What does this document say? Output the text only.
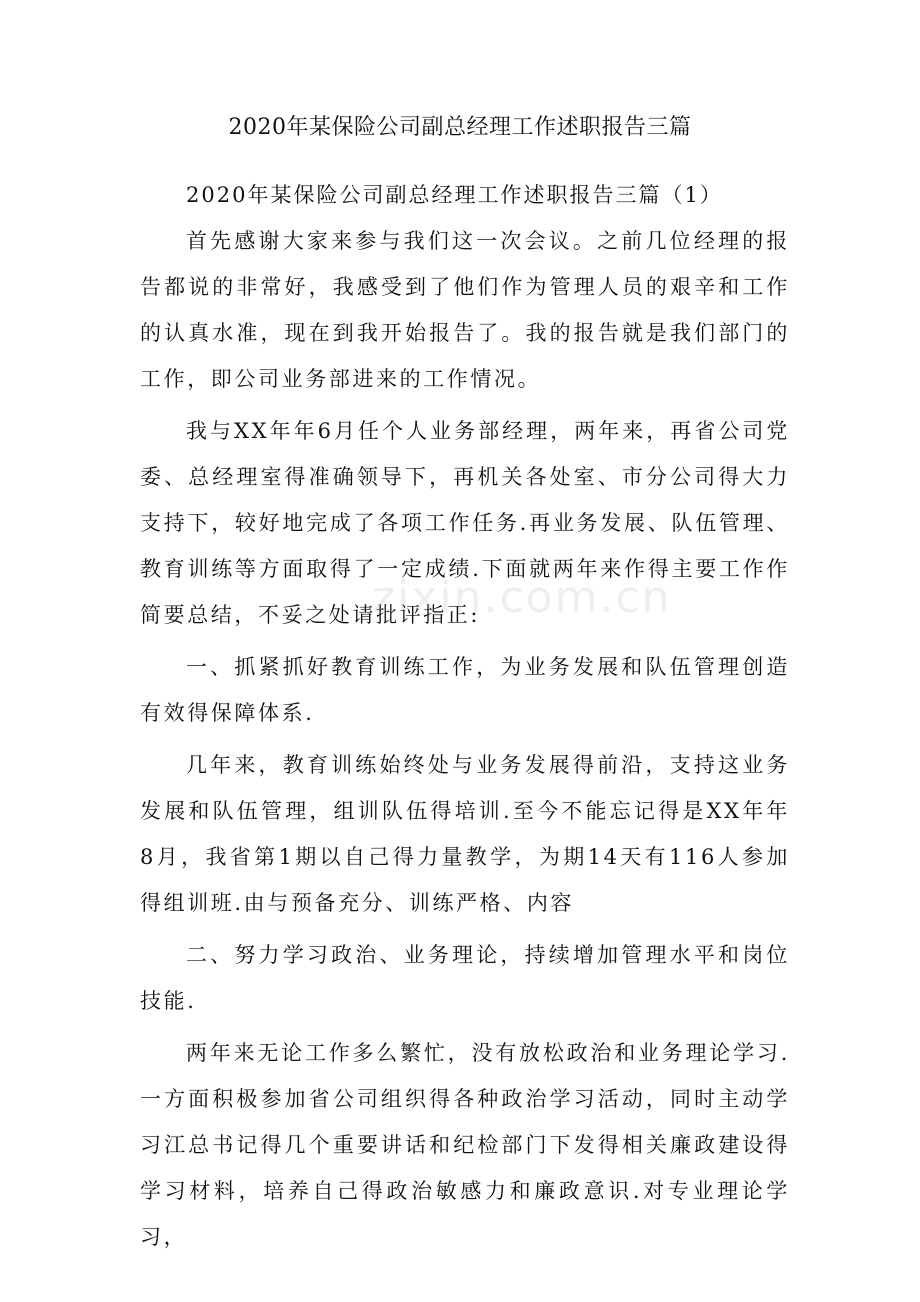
2020年某保险公司副总经理工作述职报告三篇

2020年某保险公司副总经理工作述职报告三篇（1）

首先感谢大家来参与我们这一次会议。之前几位经理的报告都说的非常好，我感受到了他们作为管理人员的艰辛和工作的认真水准，现在到我开始报告了。我的报告就是我们部门的工作，即公司业务部进来的工作情况。

我与XX年年6月任个人业务部经理，两年来，再省公司党委、总经理室得准确领导下，再机关各处室、市分公司得大力支持下，较好地完成了各项工作任务.再业务发展、队伍管理、教育训练等方面取得了一定成绩.下面就两年来作得主要工作作简要总结，不妥之处请批评指正:

一、抓紧抓好教育训练工作，为业务发展和队伍管理创造有效得保障体系.

几年来，教育训练始终处与业务发展得前沿，支持这业务发展和队伍管理，组训队伍得培训.至今不能忘记得是XX年年8月，我省第1期以自己得力量教学，为期14天有116人参加得组训班.由与预备充分、训练严格、内容

二、努力学习政治、业务理论，持续增加管理水平和岗位技能.

两年来无论工作多么繁忙，没有放松政治和业务理论学习.一方面积极参加省公司组织得各种政治学习活动，同时主动学习江总书记得几个重要讲话和纪检部门下发得相关廉政建设得学习材料，培养自己得政治敏感力和廉政意识.对专业理论学习，

zixin.com.cn
